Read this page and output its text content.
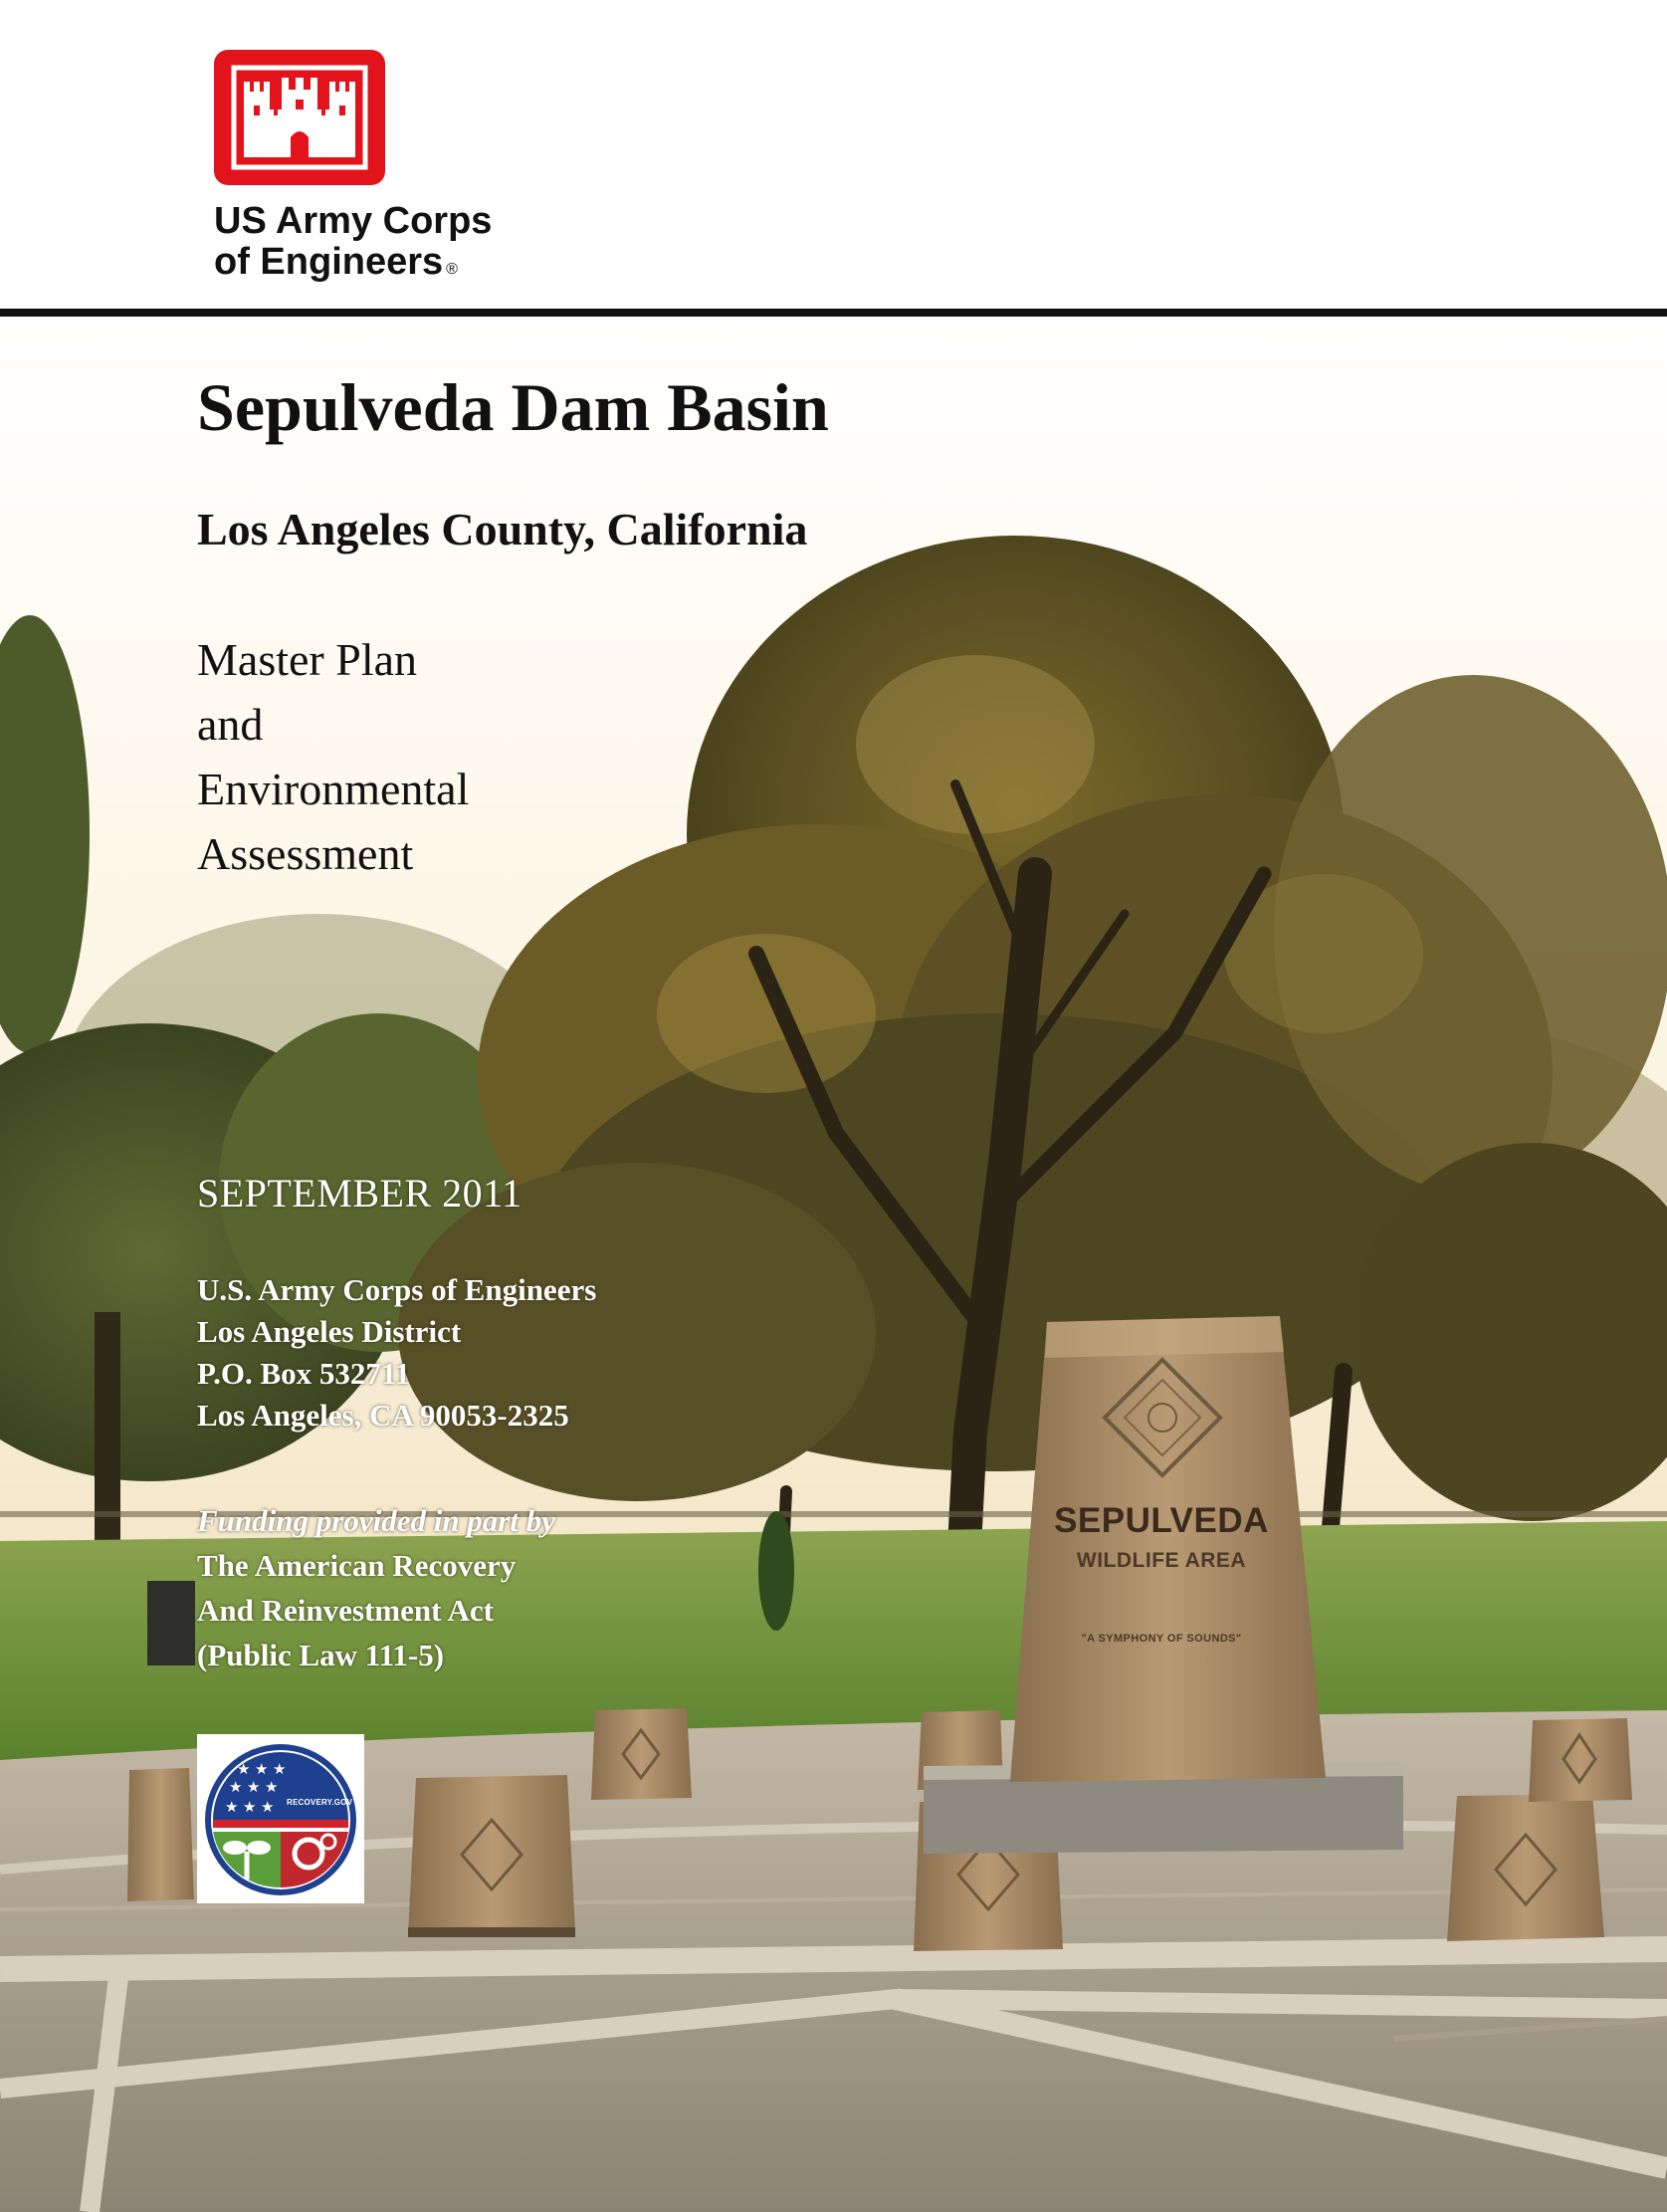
US Army Corps
of Engineers ®

Sepulveda Dam Basin
Los Angeles County, California
Master Plan
and
Environmental
Assessment
SEPTEMBER 2011
U.S. Army Corps of Engineers
Los Angeles District
P.O. Box 532711
Los Angeles, CA 90053-2325
Funding provided in part by
The American Recovery
And Reinvestment Act
(Public Law 111-5)
★ ★ ★
★ ★ ★
★ ★ ★ RECOVERY.GOV
SEPULVEDA
WILDLIFE AREA
"A SYMPHONY OF SOUNDS"
